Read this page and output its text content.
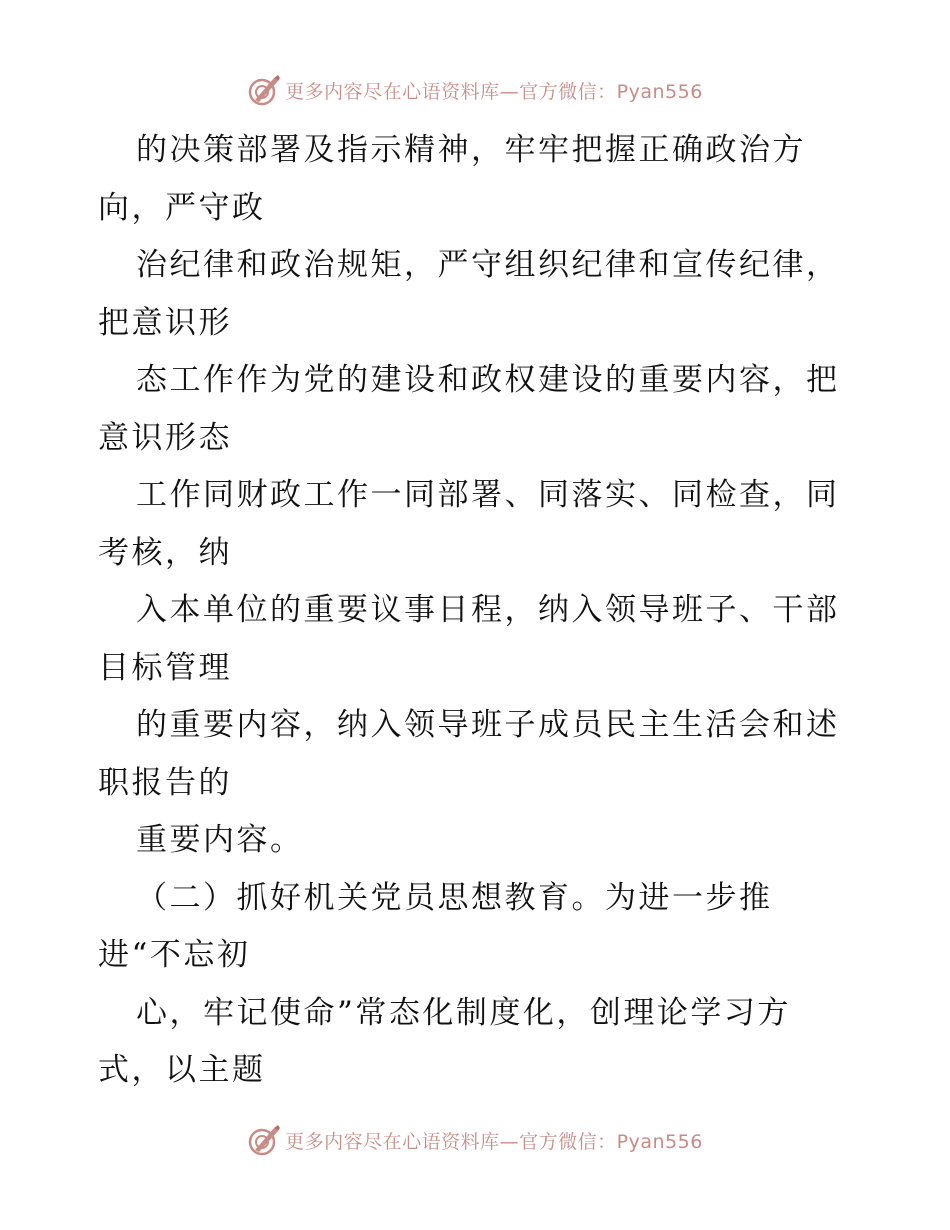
更多内容尽在心语资料库—官方微信：Pyan556
的决策部署及指示精神，牢牢把握正确政治方
向，严守政
治纪律和政治规矩，严守组织纪律和宣传纪律，
把意识形
态工作作为党的建设和政权建设的重要内容，把
意识形态
工作同财政工作一同部署、同落实、同检查，同
考核，纳
入本单位的重要议事日程，纳入领导班子、干部
目标管理
的重要内容，纳入领导班子成员民主生活会和述
职报告的
重要内容。
（二）抓好机关党员思想教育。为进一步推
进“不忘初
心，牢记使命”常态化制度化，创理论学习方
式，以主题
更多内容尽在心语资料库—官方微信：Pyan556
